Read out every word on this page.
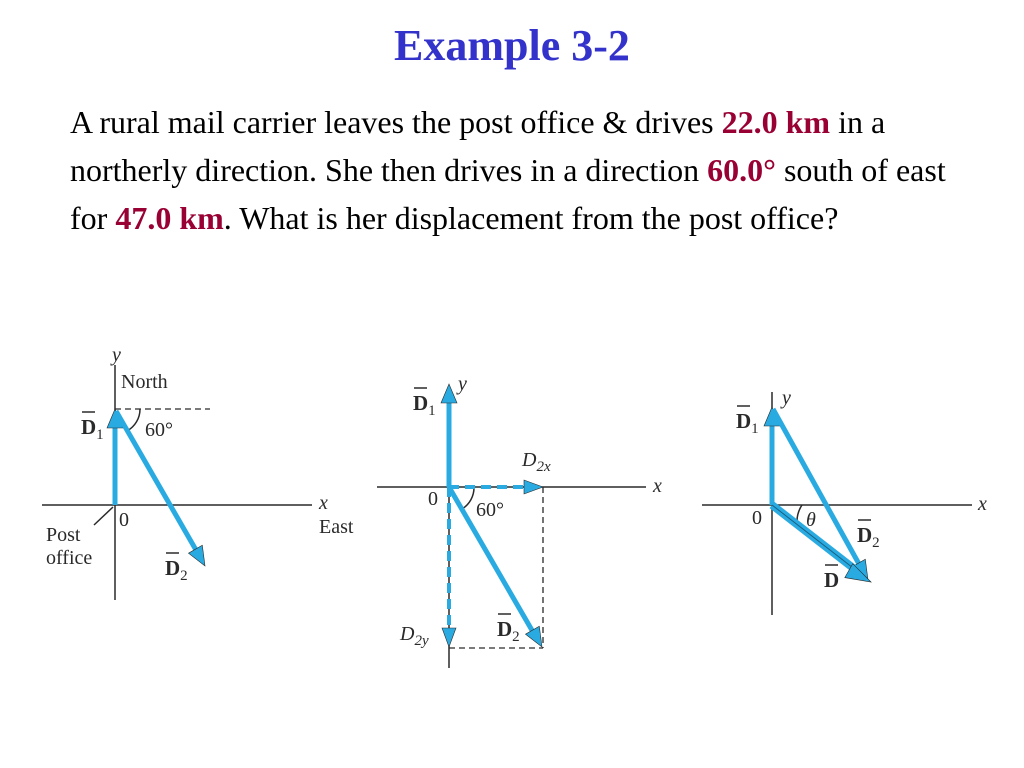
Example 3-2

A rural mail carrier leaves the post office & drives 22.0 km in a northerly direction. She then drives in a direction 60.0° south of east for 47.0 km. What is her displacement from the post office?

y
North
60°
0
x
East
Post
office
$D_1$
$D_2$
y
0 60°
x
$D_1$
$D_{2x}$
$D_{2y}$	$D_2$
y
0 θ
x
$D_1$
$D_2$
D
